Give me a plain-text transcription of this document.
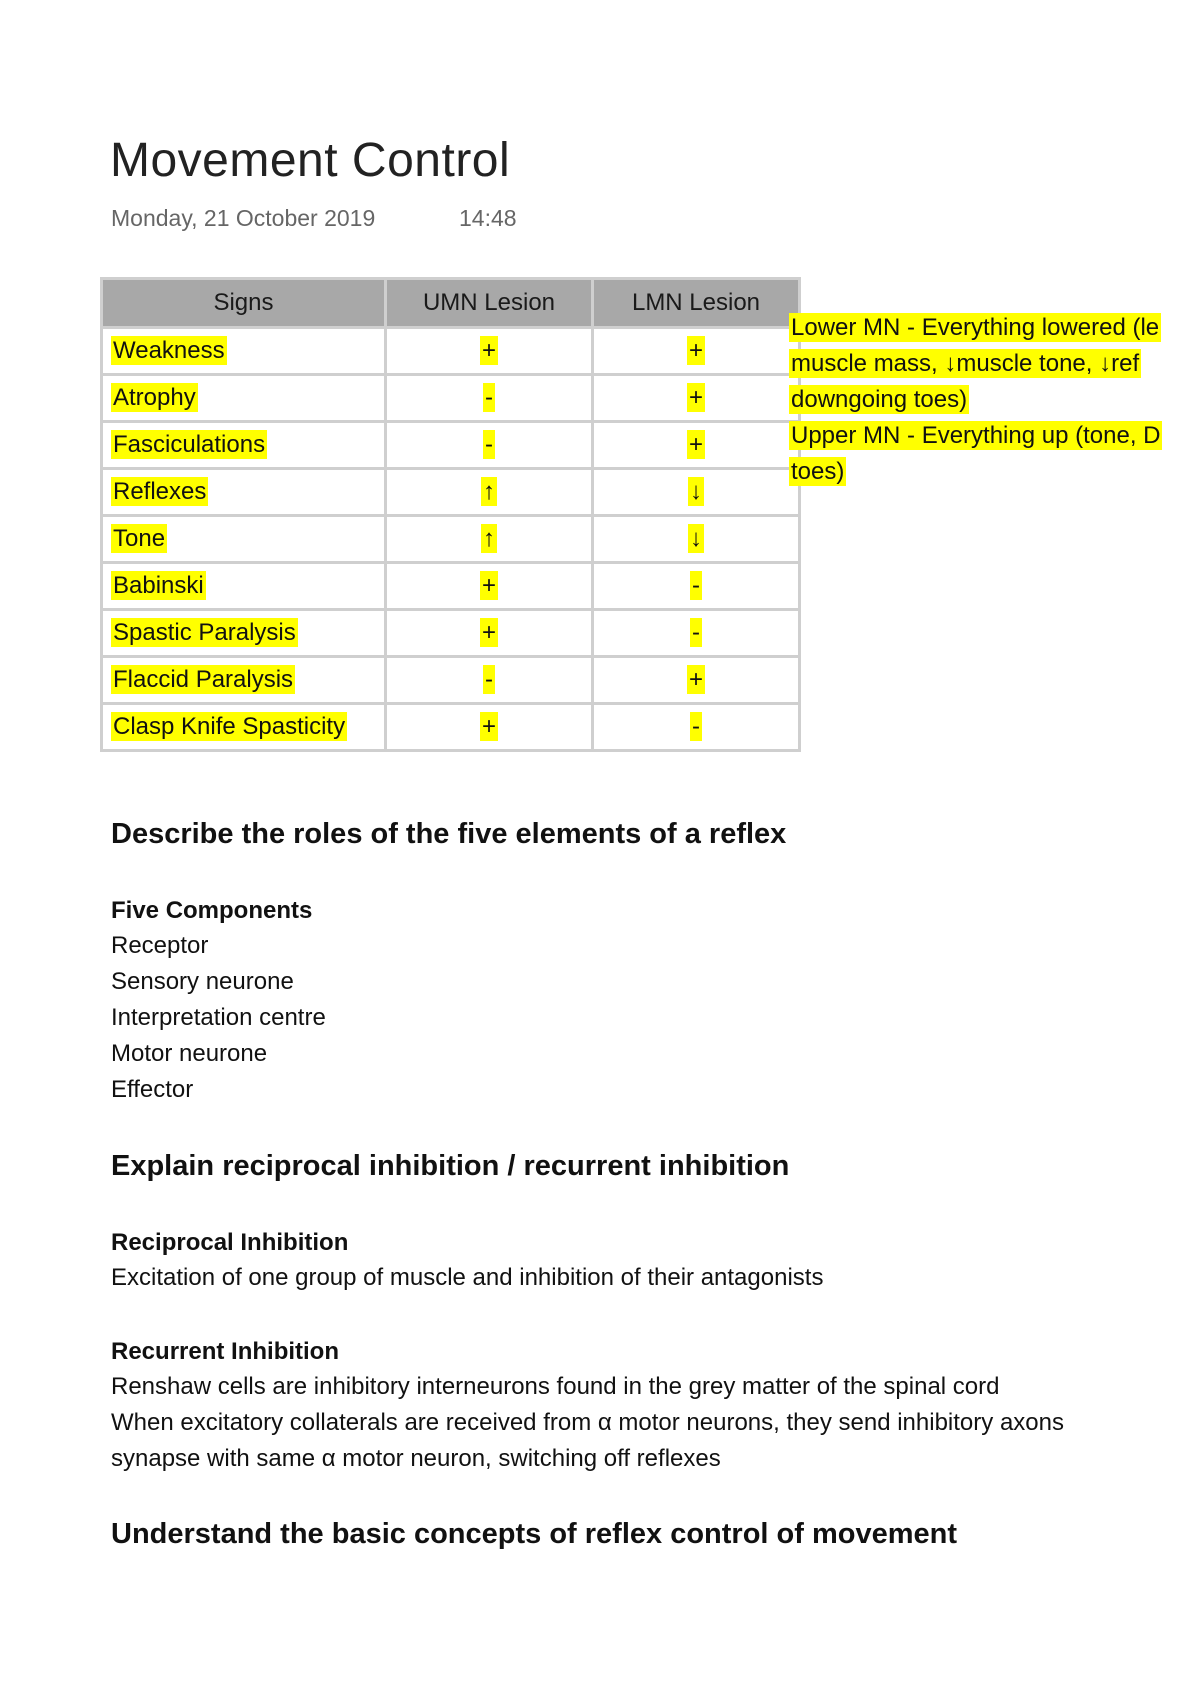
Movement Control
Monday, 21 October 2019	14:48
Signs	UMN Lesion	LMN Lesion
Weakness	+	+
Atrophy	-	+
Fasciculations	-	+
Reflexes	↑	↓
Tone	↑	↓
Babinski	+	-
Spastic Paralysis	+	-
Flaccid Paralysis	-	+
Clasp Knife Spasticity	+	-
Lower MN - Everything lowered (le
muscle mass, ↓muscle tone, ↓ref
downgoing toes)
Upper MN - Everything up (tone, D
toes)
Describe the roles of the five elements of a reflex
Five Components
Receptor
Sensory neurone
Interpretation centre
Motor neurone
Effector
Explain reciprocal inhibition / recurrent inhibition
Reciprocal Inhibition
Excitation of one group of muscle and inhibition of their antagonists
Recurrent Inhibition
Renshaw cells are inhibitory interneurons found in the grey matter of the spinal cord
When excitatory collaterals are received from α motor neurons, they send inhibitory axons
synapse with same α motor neuron, switching off reflexes
Understand the basic concepts of reflex control of movement
